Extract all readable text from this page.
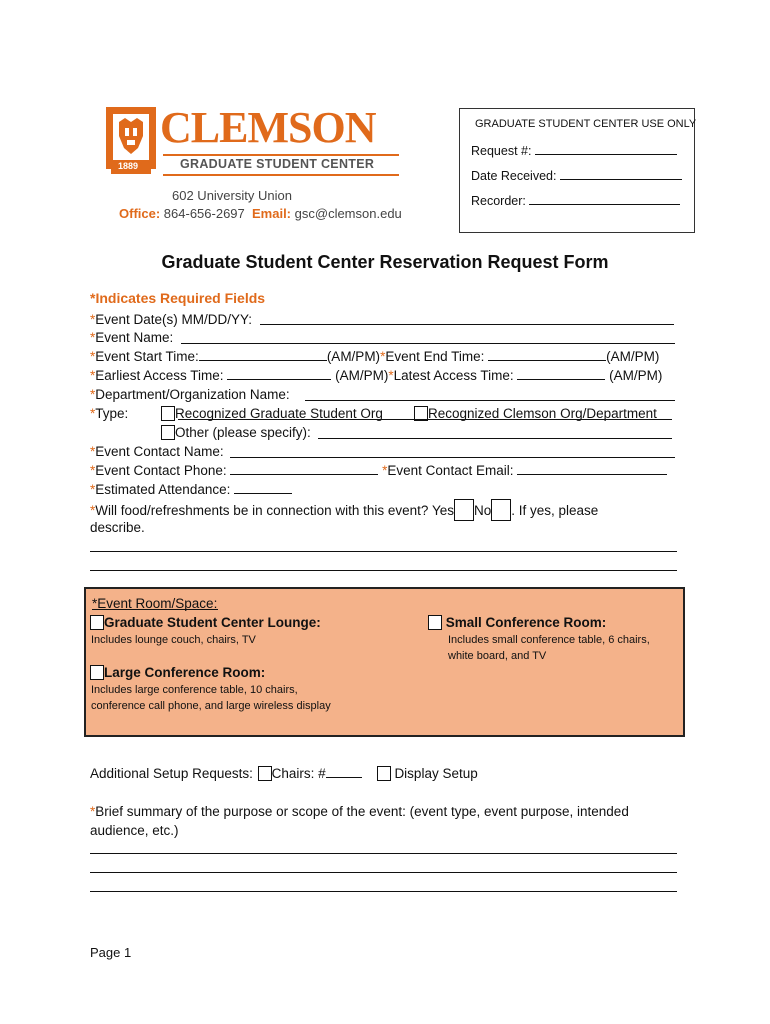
1889
CLEMSON
GRADUATE STUDENT CENTER
602 University Union
Office: 864-656-2697 Email: gsc@clemson.edu
GRADUATE STUDENT CENTER USE ONLY
Request #:
Date Received:
Recorder:
Graduate Student Center Reservation Request Form
*Indicates Required Fields
*Event Date(s) MM/DD/YY:
*Event Name:
*Event Start Time:	(AM/PM)*Event End Time:	(AM/PM)
*Earliest Access Time:	(AM/PM)*Latest Access Time:	(AM/PM)
*Department/Organization Name:
*Type:	Recognized Graduate Student Org	Recognized Clemson Org/Department
Other (please specify):
*Event Contact Name:
*Event Contact Phone:	*Event Contact Email:
*Estimated Attendance:
*Will food/refreshments be in connection with this event? Yes No . If yes, please
describe.
*Event Room/Space:
Graduate Student Center Lounge:
Includes lounge couch, chairs, TV
Small Conference Room:
Includes small conference table, 6 chairs,
white board, and TV
Large Conference Room:
Includes large conference table, 10 chairs,
conference call phone, and large wireless display
Additional Setup Requests: Chairs: #	Display Setup
*Brief summary of the purpose or scope of the event: (event type, event purpose, intended
audience, etc.)
Page 1
